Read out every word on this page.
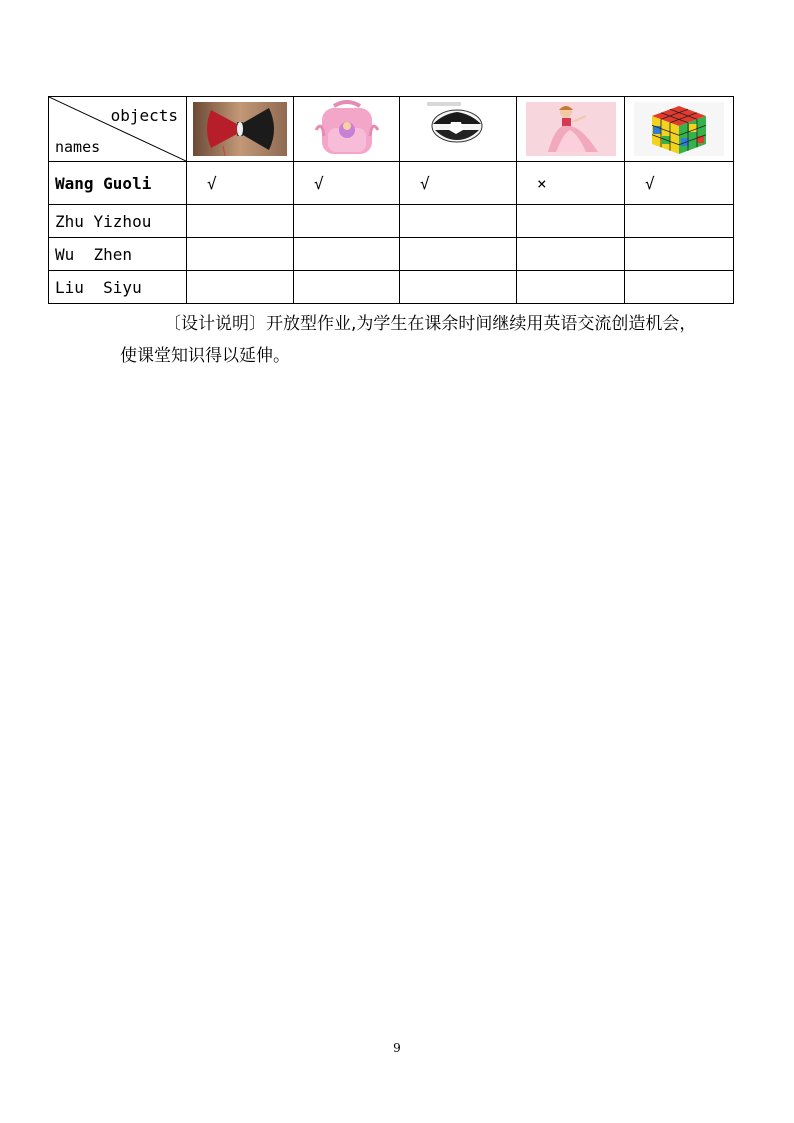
objects
names

Wang Guoli	√	√	√	×	√
Zhu Yizhou					
Wu  Zhen					
Liu  Siyu					

〔设计说明〕开放型作业,为学生在课余时间继续用英语交流创造机会，使课堂知识得以延伸。

9
